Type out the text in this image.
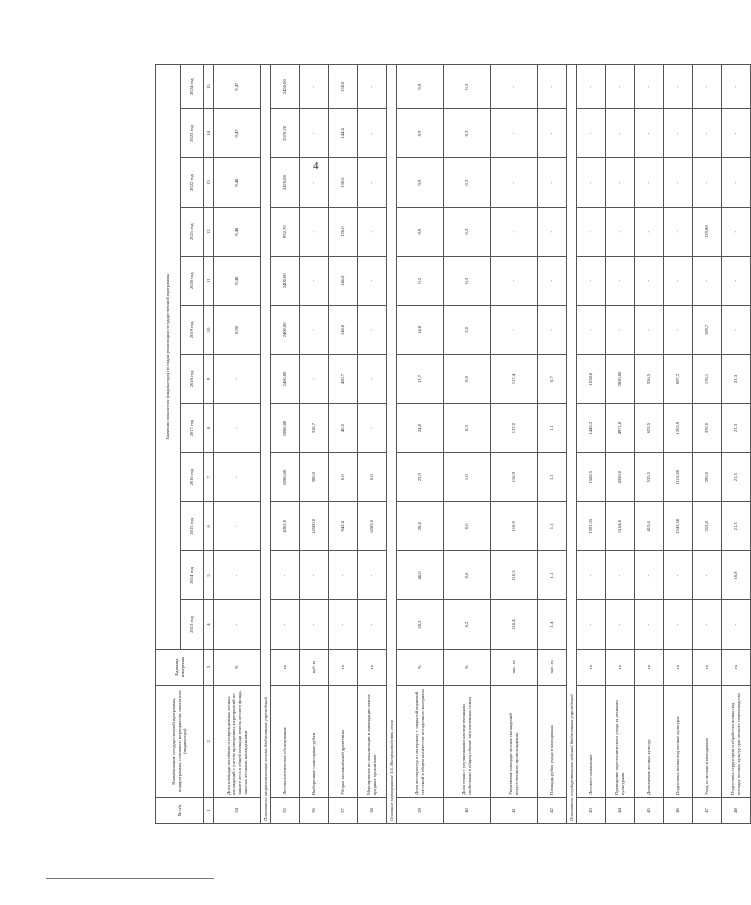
4
№ п/п	Наименование государственной программы, подпрограммы, основного мероприятия, показателя (индикатора)	Единица измерения	Значения показателя (индикатора) по годам реализации государственной программы											
			2013 год	2014 год	2015 год	2016 год	2017 год	2018 год	2019 год	2020 год	2021 год	2022 год	2023 год	2024 год
1	2	3	4	5	6	7	8	9	10	11	12	13	14	15
34	Доля площади погибших и поврежденных лесных насаждений с учетом проведенных мероприятий по защите леса в общей площади земель лесного фонда, занятых лесными насаждениями	%	-	-	-	-	-	-	8,96	9,48	9,48	9,48	9,47	9,47
Показатели опорноотличных лесных бюджетных учреждений														
35	Лесопатологическое обследование	га	-	-	4302,0	8000,00	8000,00	2450,00	2400,00	2400,00	932,70	2470,80	2570,20	2450,00
36	Выборочные санитарные рубки	куб. м	-	-	16500,0	300,0	318,7	-	-	-	-	-	-	-
37	Уборка захламлённой древесины	га	-	-	942,4	0,0	40,0	450,7	146,8	146,8	126,0	130,6	144,4	138,8
38	Мероприятия по локализации и ликвидации очагов вредных организмов	га	-	-	6283,0	0,0	-	-	-	-	-	-	-	-
Основное мероприятие 1.6. Воспроизводство лесов														
39	Доля лесокультур от материалу с закрытой корневой системой в общем количестве посадочного материала	%	28,3	40,0	20,4	23,9	24,8	13,7	14,8	0,2	9,9	9,9	9,9	9,9
40	Доля семян с улучшенными наследственными свойствами в общем объеме заготовленных семян	%	0,2	0,6	0,0	1,0	0,3	0,0	2,0	0,3	0,3	0,3	0,3	0,3
41	Увеличение площади лесных насаждений искусственного происхождения	тыс. га	116,4	116,5	116,9	116,9	117,0	117,4	-	-	-	-	-	-
42	Площадь рубок ухода в молодняках	тыс. га	1,4	1,1	1,1	1,1	1,1	0,7	-	-	-	-	-	-
Показатели государственных заданий бюджетных учреждений														
43	Лесовосстановление	га	-	-	1391,35	1568,5	1446,2	1038,8	-	-	-	-	-	-
44	Проведение агротехнического ухода за лесными культурами	га	-	-	5164,6	4350,0	4971,8	3850,00	-	-	-	-	-	-
45	Дополнение лесных культур	га	-	-	415,6	535,5	623,5	556,5	-	-	-	-	-	-
46	Подготовка почвы под лесные культуры	га	-	-	1543,50	1115,00	1262,9	697,2	-	-	-	-	-	-
47	Уход за лесами в молодняках	га	-	-	553,8	295,0	370,0	178,1	189,7	-	129,89	-	-	-
48	Подготовка территории и обработка почвы под посадку лесных культур для лесного семеноводства	га	-	10,8	21,3	21,3	21,3	21,3	-	-	-	-	-	-
